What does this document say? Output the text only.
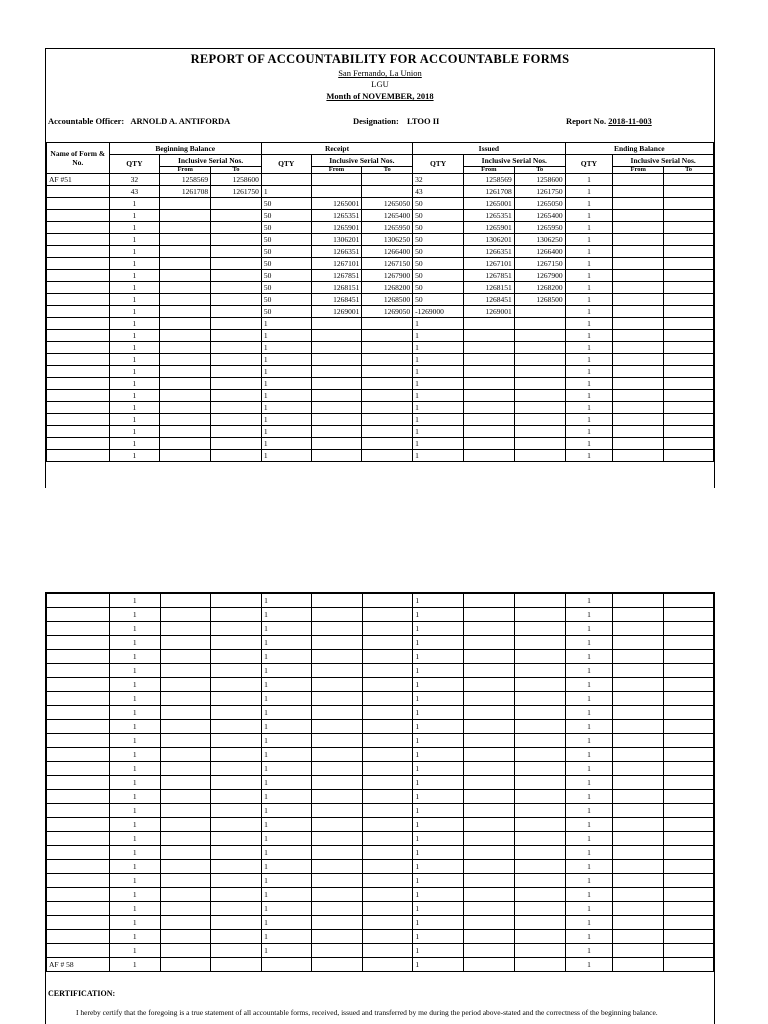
REPORT OF ACCOUNTABILITY FOR ACCOUNTABLE FORMS
San Fernando, La Union
LGU
Month of NOVEMBER, 2018
Accountable Officer: ARNOLD A. ANTIFORDA	Designation: LTOO II	Report No. 2018-11-003
Name of Form & No.	Beginning Balance			Receipt			Issued			Ending Balance		
	QTY	Inclusive Serial Nos.		QTY	Inclusive Serial Nos.		QTY	Inclusive Serial Nos.		QTY	Inclusive Serial Nos.	
		From	To		From	To		From	To		From	To
AF #51	32	1258569	1258600				32	1258569	1258600	1		
	43	1261708	1261750	1			43	1261708	1261750	1		
	1			50	1265001	1265050	50	1265001	1265050	1		
	1			50	1265351	1265400	50	1265351	1265400	1		
	1			50	1265901	1265950	50	1265901	1265950	1		
	1			50	1306201	1306250	50	1306201	1306250	1		
	1			50	1266351	1266400	50	1266351	1266400	1		
	1			50	1267101	1267150	50	1267101	1267150	1		
	1			50	1267851	1267900	50	1267851	1267900	1		
	1			50	1268151	1268200	50	1268151	1268200	1		
	1			50	1268451	1268500	50	1268451	1268500	1		
	1			50	1269001	1269050	-1269000	1269001		1		
	1			1			1			1		
	1			1			1			1		
	1			1			1			1		
	1			1			1			1		
	1			1			1			1		
	1			1			1			1		
	1			1			1			1		
	1			1			1			1		
	1			1			1			1		
	1			1			1			1		
	1			1			1			1		
	1			1			1			1		
	1			1			1			1		
	1			1			1			1		
	1			1			1			1		
	1			1			1			1		
	1			1			1			1		
	1			1			1			1		
	1			1			1			1		
	1			1			1			1		
	1			1			1			1		
	1			1			1			1		
	1			1			1			1		
	1			1			1			1		
	1			1			1			1		
	1			1			1			1		
	1			1			1			1		
	1			1			1			1		
	1			1			1			1		
	1			1			1			1		
	1			1			1			1		
	1			1			1			1		
	1			1			1			1		
	1			1			1			1		
	1			1			1			1		
	1			1			1			1		
	1			1			1			1		
	1			1			1			1		
AF # 58	1						1			1		
CERTIFICATION:
I hereby certify that the foregoing is a true statement of all accountable forms, received, issued and transferred by me during the period above-stated and the correctness of the beginning balance.
